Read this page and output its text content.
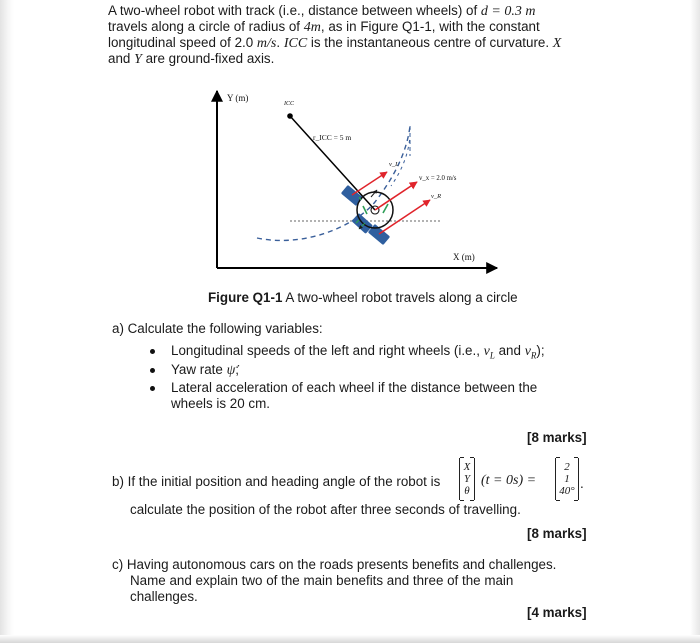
A two-wheel robot with track (i.e., distance between wheels) of d = 0.3 m
travels along a circle of radius of 4m, as in Figure Q1-1, with the constant
longitudinal speed of 2.0 m/s. ICC is the instantaneous centre of curvature. X
and Y are ground-fixed axis.
Y (m)
X (m)
ICC
r_ICC = 5 m
v_L
v_x = 2.0 m/s
v_R
Figure Q1-1 A two-wheel robot travels along a circle
a) Calculate the following variables:
Longitudinal speeds of the left and right wheels (i.e., $v_L$ and $v_R$);
Yaw rate ψ̇;
Lateral acceleration of each wheel if the distance between the
wheels is 20 cm.
[8 marks]
b) If the initial position and heading angle of the robot is
X
Y
θ
(t = 0s) =
2
1
40° .
calculate the position of the robot after three seconds of travelling.
[8 marks]
c) Having autonomous cars on the roads presents benefits and challenges.
Name and explain two of the main benefits and three of the main
challenges.
[4 marks]
